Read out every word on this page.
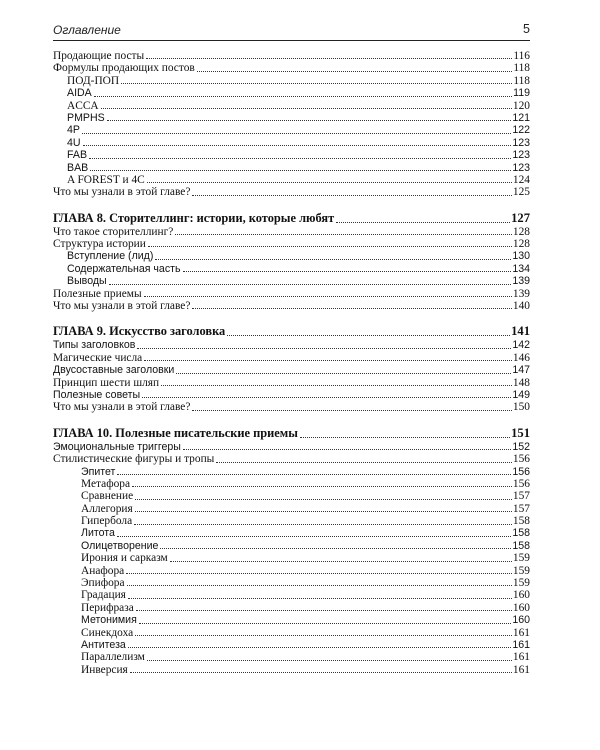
Оглавление	5
Продающие посты	116
Формулы продающих постов	118
ПОД-ПОП	118
AIDA	119
ACCA	120
PMPHS	121
4P	122
4U	123
FAB	123
BAB	123
A FOREST и 4C	124
Что мы узнали в этой главе?	125
ГЛАВА 8. Сторителлинг: истории, которые любят	127
Что такое сторителлинг?	128
Структура истории	128
Вступление (лид)	130
Содержательная часть	134
Выводы	139
Полезные приемы	139
Что мы узнали в этой главе?	140
ГЛАВА 9. Искусство заголовка	141
Типы заголовков	142
Магические числа	146
Двусоставные заголовки	147
Принцип шести шляп	148
Полезные советы	149
Что мы узнали в этой главе?	150
ГЛАВА 10. Полезные писательские приемы	151
Эмоциональные триггеры	152
Стилистические фигуры и тропы	156
Эпитет	156
Метафора	156
Сравнение	157
Аллегория	157
Гипербола	158
Литота	158
Олицетворение	158
Ирония и сарказм	159
Анафора	159
Эпифора	159
Градация	160
Перифраза	160
Метонимия	160
Синекдоха	161
Антитеза	161
Параллелизм	161
Инверсия	161
